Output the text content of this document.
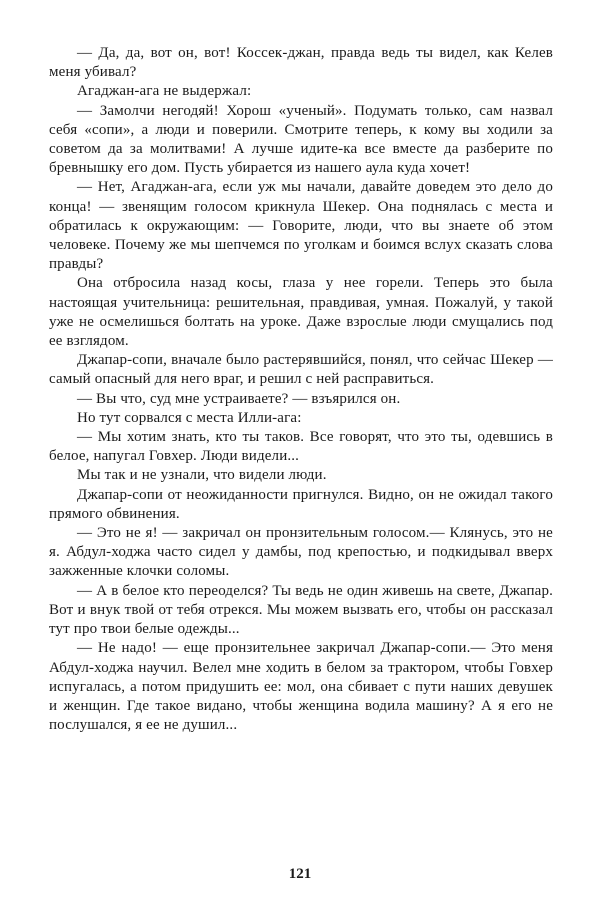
— Да, да, вот он, вот! Коссек-джан, правда ведь ты видел, как Келев меня убивал?

Агаджан-ага не выдержал:

— Замолчи негодяй! Хорош «ученый». Подумать только, сам назвал себя «сопи», а люди и поверили. Смотрите теперь, к кому вы ходили за советом да за молитвами! А лучше идите-ка все вместе да разберите по бревнышку его дом. Пусть убирается из нашего аула куда хочет!

— Нет, Агаджан-ага, если уж мы начали, давайте доведем это дело до конца! — звенящим голосом крикнула Шекер. Она поднялась с места и обратилась к окружающим: — Говорите, люди, что вы знаете об этом человеке. Почему же мы шепчемся по уголкам и боимся вслух сказать слова правды?

Она отбросила назад косы, глаза у нее горели. Теперь это была настоящая учительница: решительная, правдивая, умная. Пожалуй, у такой уже не осмелишься болтать на уроке. Даже взрослые люди смущались под ее взглядом.

Джапар-сопи, вначале было растерявшийся, понял, что сейчас Шекер — самый опасный для него враг, и решил с ней расправиться.

— Вы что, суд мне устраиваете? — взъярился он.

Но тут сорвался с места Илли-ага:

— Мы хотим знать, кто ты таков. Все говорят, что это ты, одевшись в белое, напугал Говхер. Люди видели...

Мы так и не узнали, что видели люди.

Джапар-сопи от неожиданности пригнулся. Видно, он не ожидал такого прямого обвинения.

— Это не я! — закричал он пронзительным голосом.— Клянусь, это не я. Абдул-ходжа часто сидел у дамбы, под крепостью, и подкидывал вверх зажженные клочки соломы.

— А в белое кто переоделся? Ты ведь не один живешь на свете, Джапар. Вот и внук твой от тебя отрекся. Мы можем вызвать его, чтобы он рассказал тут про твои белые одежды...

— Не надо! — еще пронзительнее закричал Джапар-сопи.— Это меня Абдул-ходжа научил. Велел мне ходить в белом за трактором, чтобы Говхер испугалась, а потом придушить ее: мол, она сбивает с пути наших девушек и женщин. Где такое видано, чтобы женщина водила машину? А я его не послушался, я ее не душил...

121
